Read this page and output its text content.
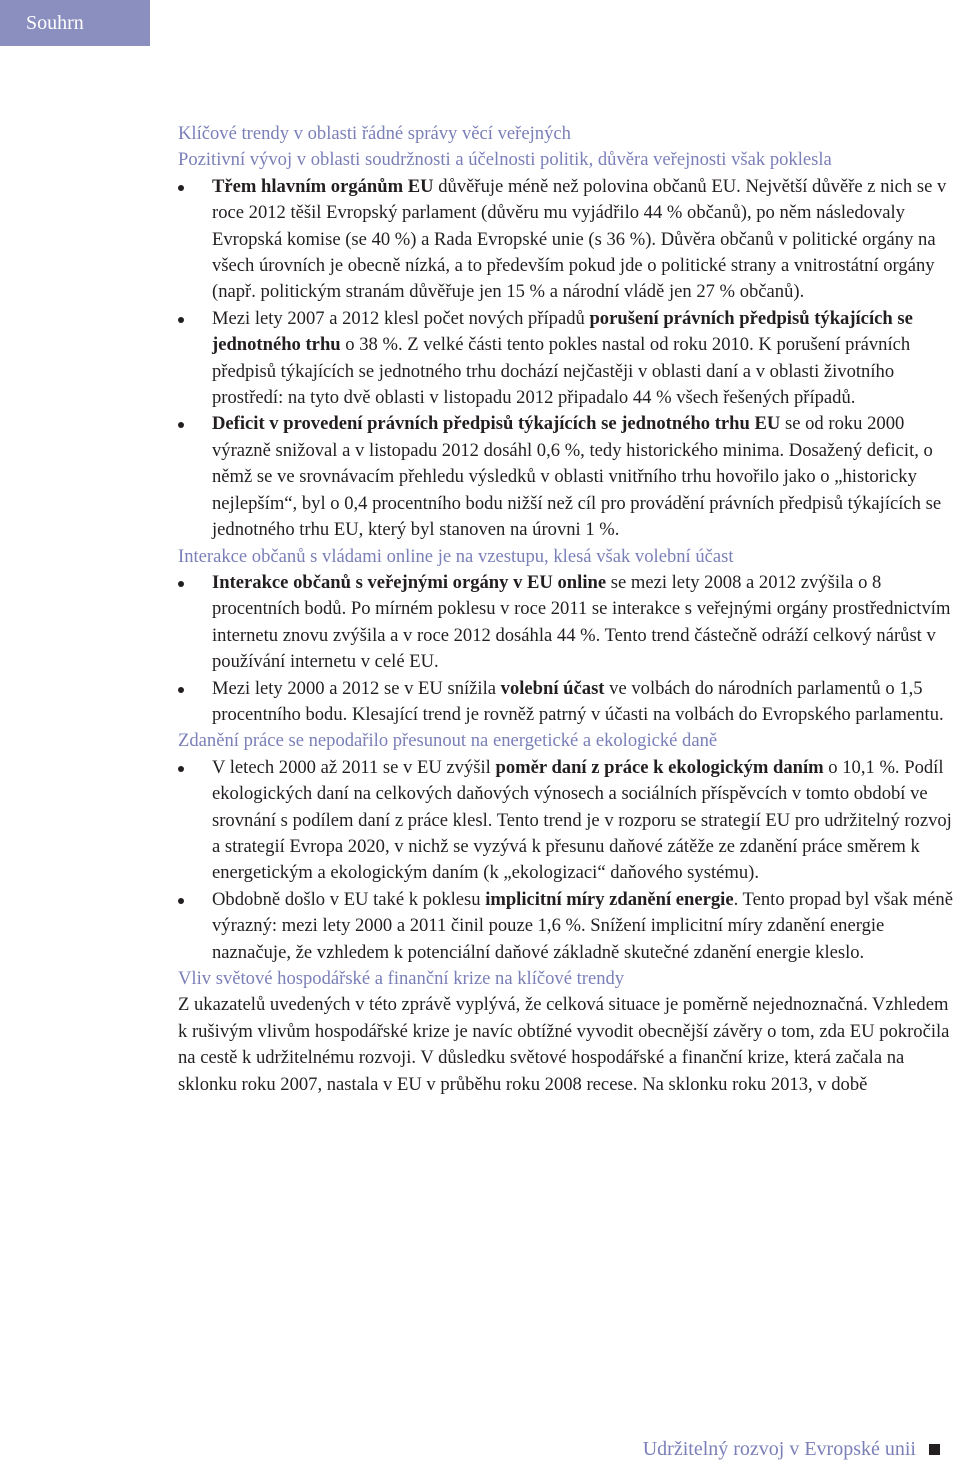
Souhrn

Klíčové trendy v oblasti řádné správy věcí veřejných

Pozitivní vývoj v oblasti soudržnosti a účelnosti politik, důvěra veřejnosti však poklesla

Třem hlavním orgánům EU důvěřuje méně než polovina občanů EU. Největší důvěře z nich se v roce 2012 těšil Evropský parlament (důvěru mu vyjádřilo 44 % občanů), po něm následovaly Evropská komise (se 40 %) a Rada Evropské unie (s 36 %). Důvěra občanů v politické orgány na všech úrovních je obecně nízká, a to především pokud jde o politické strany a vnitrostátní orgány (např. politickým stranám důvěřuje jen 15 % a národní vládě jen 27 % občanů).
Mezi lety 2007 a 2012 klesl počet nových případů porušení právních předpisů týkajících se jednotného trhu o 38 %. Z velké části tento pokles nastal od roku 2010. K porušení právních předpisů týkajících se jednotného trhu dochází nejčastěji v oblasti daní a v oblasti životního prostředí: na tyto dvě oblasti v listopadu 2012 připadalo 44 % všech řešených případů.
Deficit v provedení právních předpisů týkajících se jednotného trhu EU se od roku 2000 výrazně snižoval a v listopadu 2012 dosáhl 0,6 %, tedy historického minima. Dosažený deficit, o němž se ve srovnávacím přehledu výsledků v oblasti vnitřního trhu hovořilo jako o „historicky nejlepším“, byl o 0,4 procentního bodu nižší než cíl pro provádění právních předpisů týkajících se jednotného trhu EU, který byl stanoven na úrovni 1 %.

Interakce občanů s vládami online je na vzestupu, klesá však volební účast

Interakce občanů s veřejnými orgány v EU online se mezi lety 2008 a 2012 zvýšila o 8 procentních bodů. Po mírném poklesu v roce 2011 se interakce s veřejnými orgány prostřednictvím internetu znovu zvýšila a v roce 2012 dosáhla 44 %. Tento trend částečně odráží celkový nárůst v používání internetu v celé EU.
Mezi lety 2000 a 2012 se v EU snížila volební účast ve volbách do národních parlamentů o 1,5 procentního bodu. Klesající trend je rovněž patrný v účasti na volbách do Evropského parlamentu.

Zdanění práce se nepodařilo přesunout na energetické a ekologické daně

V letech 2000 až 2011 se v EU zvýšil poměr daní z práce k ekologickým daním o 10,1 %. Podíl ekologických daní na celkových daňových výnosech a sociálních příspěvcích v tomto období ve srovnání s podílem daní z práce klesl. Tento trend je v rozporu se strategií EU pro udržitelný rozvoj a strategií Evropa 2020, v nichž se vyzývá k přesunu daňové zátěže ze zdanění práce směrem k energetickým a ekologickým daním (k „ekologizaci“ daňového systému).
Obdobně došlo v EU také k poklesu implicitní míry zdanění energie. Tento propad byl však méně výrazný: mezi lety 2000 a 2011 činil pouze 1,6 %. Snížení implicitní míry zdanění energie naznačuje, že vzhledem k potenciální daňové základně skutečné zdanění energie kleslo.

Vliv světové hospodářské a finanční krize na klíčové trendy

Z ukazatelů uvedených v této zprávě vyplývá, že celková situace je poměrně nejednoznačná. Vzhledem k rušivým vlivům hospodářské krize je navíc obtížné vyvodit obecnější závěry o tom, zda EU pokročila na cestě k udržitelnému rozvoji. V důsledku světové hospodářské a finanční krize, která začala na sklonku roku 2007, nastala v EU v průběhu roku 2008 recese. Na sklonku roku 2013, v době

Udržitelný rozvoj v Evropské unii
